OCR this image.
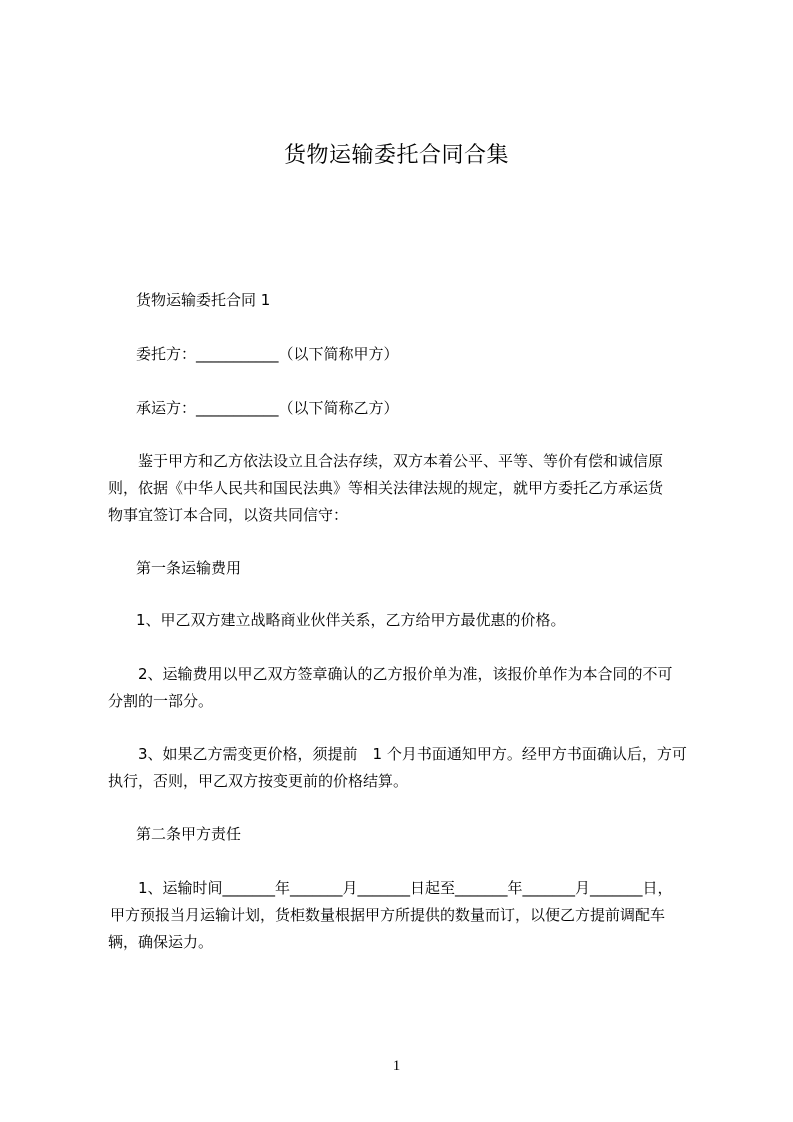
货物运输委托合同合集
货物运输委托合同 1
委托方：___________（以下简称甲方）
承运方：___________（以下简称乙方）
鉴于甲方和乙方依法设立且合法存续，双方本着公平、平等、等价有偿和诚信原
则，依据《中华人民共和国民法典》等相关法律法规的规定，就甲方委托乙方承运货
物事宜签订本合同，以资共同信守：
第一条运输费用
1、甲乙双方建立战略商业伙伴关系，乙方给甲方最优惠的价格。
2、运输费用以甲乙双方签章确认的乙方报价单为准，该报价单作为本合同的不可
分割的一部分。
3、如果乙方需变更价格，须提前　1 个月书面通知甲方。经甲方书面确认后，方可
执行，否则，甲乙双方按变更前的价格结算。
第二条甲方责任
1、运输时间_______年_______月_______日起至_______年_______月_______日，
甲方预报当月运输计划，货柜数量根据甲方所提供的数量而订，以便乙方提前调配车
辆，确保运力。
1
